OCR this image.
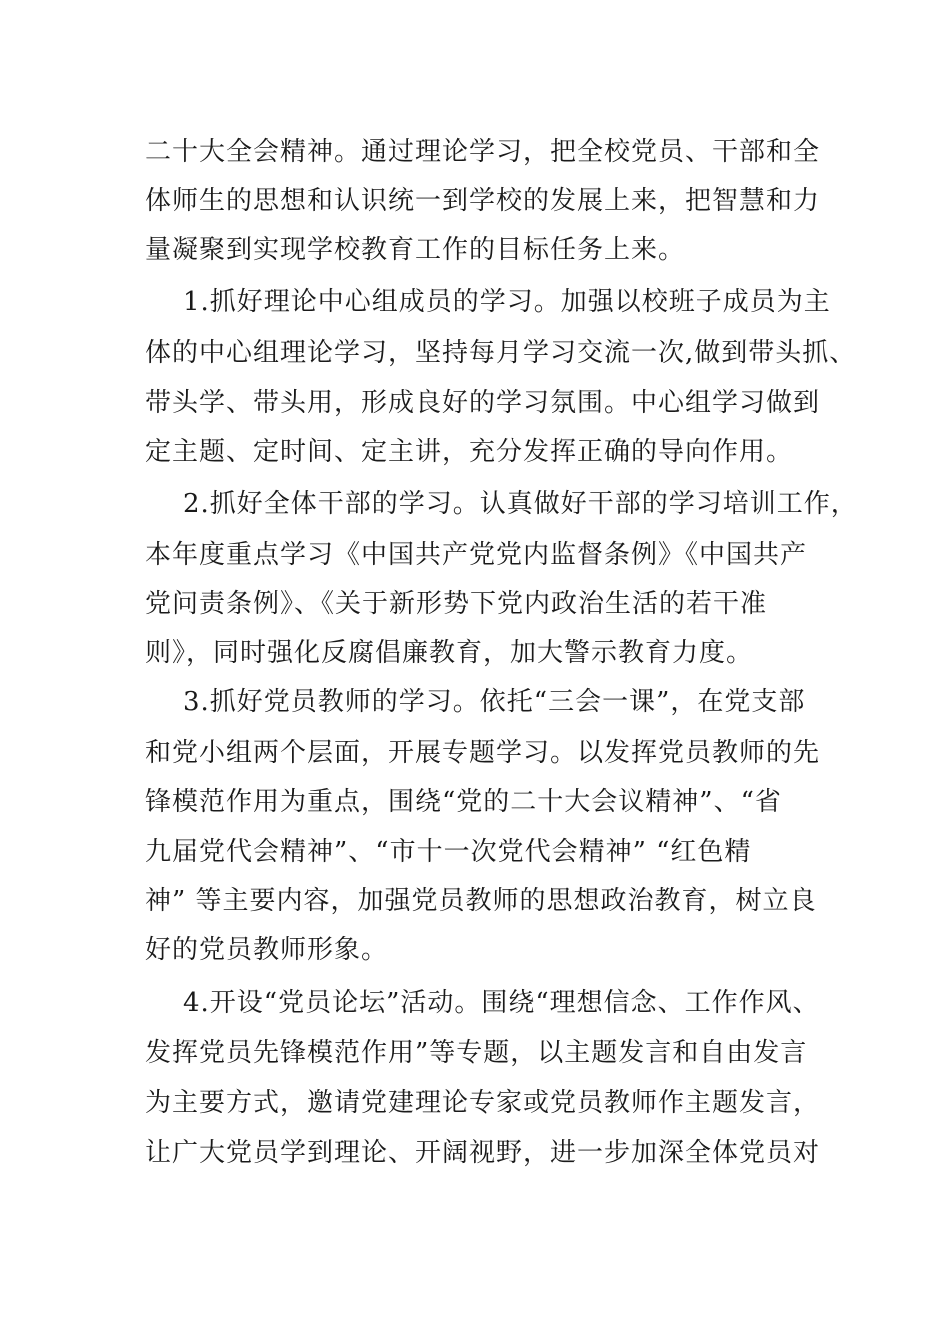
二十大全会精神。通过理论学习，把全校党员、干部和全
体师生的思想和认识统一到学校的发展上来，把智慧和力
量凝聚到实现学校教育工作的目标任务上来。
1.抓好理论中心组成员的学习。加强以校班子成员为主
体的中心组理论学习，坚持每月学习交流一次,做到带头抓、
带头学、带头用，形成良好的学习氛围。中心组学习做到
定主题、定时间、定主讲，充分发挥正确的导向作用。
2.抓好全体干部的学习。认真做好干部的学习培训工作，
本年度重点学习《中国共产党党内监督条例》《中国共产
党问责条例》、《关于新形势下党内政治生活的若干准
则》，同时强化反腐倡廉教育，加大警示教育力度。
3.抓好党员教师的学习。依托“三会一课”，在党支部
和党小组两个层面，开展专题学习。以发挥党员教师的先
锋模范作用为重点，围绕“党的二十大会议精神”、“省
九届党代会精神”、“市十一次党代会精神” “红色精
神” 等主要内容，加强党员教师的思想政治教育，树立良
好的党员教师形象。
4.开设“党员论坛”活动。围绕“理想信念、工作作风、
发挥党员先锋模范作用”等专题，以主题发言和自由发言
为主要方式，邀请党建理论专家或党员教师作主题发言，
让广大党员学到理论、开阔视野，进一步加深全体党员对
